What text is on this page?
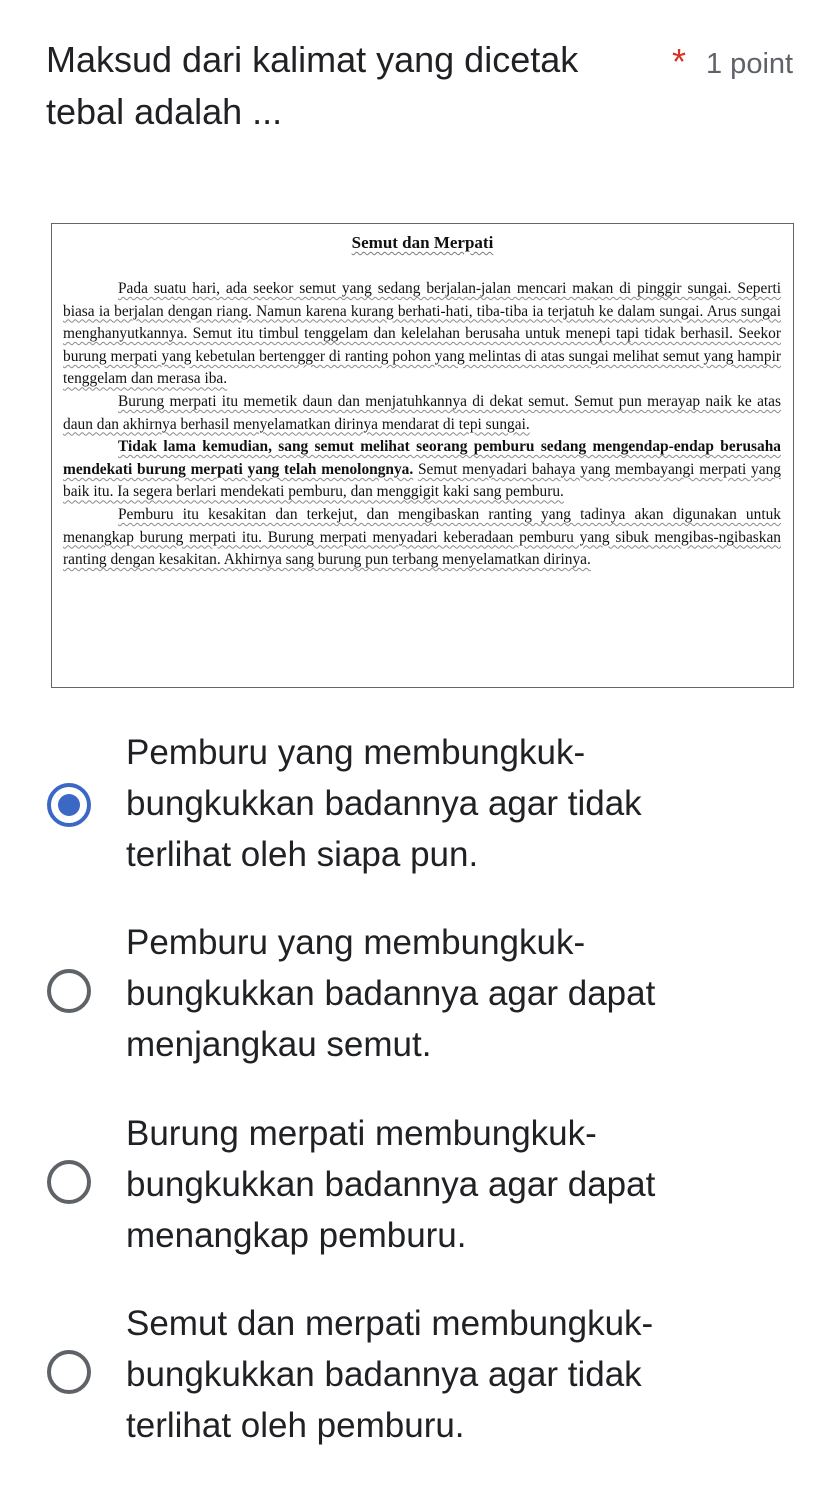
Maksud dari kalimat yang dicetak tebal adalah ...
* 1 point
Semut dan Merpati

Pada suatu hari, ada seekor semut yang sedang berjalan-jalan mencari makan di pinggir sungai. Seperti biasa ia berjalan dengan riang. Namun karena kurang berhati-hati, tiba-tiba ia terjatuh ke dalam sungai. Arus sungai menghanyutkannya. Semut itu timbul tenggelam dan kelelahan berusaha untuk menepi tapi tidak berhasil. Seekor burung merpati yang kebetulan bertengger di ranting pohon yang melintas di atas sungai melihat semut yang hampir tenggelam dan merasa iba.

Burung merpati itu memetik daun dan menjatuhkannya di dekat semut. Semut pun merayap naik ke atas daun dan akhirnya berhasil menyelamatkan dirinya mendarat di tepi sungai.

Tidak lama kemudian, sang semut melihat seorang pemburu sedang mengendap-endap berusaha mendekati burung merpati yang telah menolongnya. Semut menyadari bahaya yang membayangi merpati yang baik itu. Ia segera berlari mendekati pemburu, dan menggigit kaki sang pemburu.

Pemburu itu kesakitan dan terkejut, dan mengibaskan ranting yang tadinya akan digunakan untuk menangkap burung merpati itu. Burung merpati menyadari keberadaan pemburu yang sibuk mengibas-ngibaskan ranting dengan kesakitan. Akhirnya sang burung pun terbang menyelamatkan dirinya.

Pemburu yang membungkuk-bungkukkan badannya agar tidak terlihat oleh siapa pun.
Pemburu yang membungkuk-bungkukkan badannya agar dapat menjangkau semut.
Burung merpati membungkuk-bungkukkan badannya agar dapat menangkap pemburu.
Semut dan merpati membungkuk-bungkukkan badannya agar tidak terlihat oleh pemburu.
